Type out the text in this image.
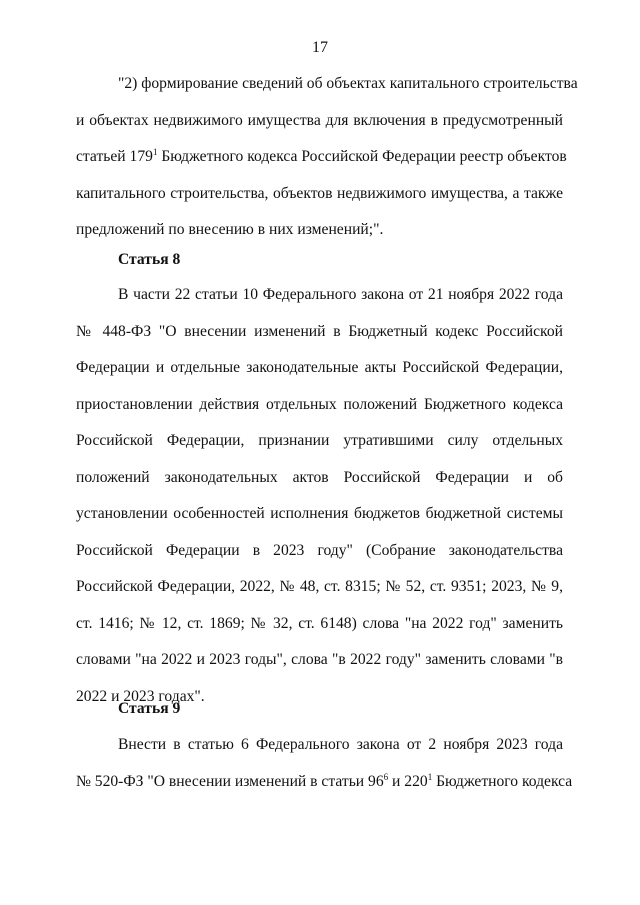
17
"2) формирование сведений об объектах капитального строительства
и объектах недвижимого имущества для включения в предусмотренный
статьей $179^1$ Бюджетного кодекса Российской Федерации реестр объектов
капитального строительства, объектов недвижимого имущества, а также
предложений по внесению в них изменений;".
Статья 8
В части 22 статьи 10 Федерального закона от 21 ноября 2022 года
№ 448-ФЗ "О внесении изменений в Бюджетный кодекс Российской
Федерации и отдельные законодательные акты Российской Федерации,
приостановлении действия отдельных положений Бюджетного кодекса
Российской Федерации, признании утратившими силу отдельных
положений законодательных актов Российской Федерации и об
установлении особенностей исполнения бюджетов бюджетной системы
Российской Федерации в 2023 году" (Собрание законодательства
Российской Федерации, 2022, № 48, ст. 8315; № 52, ст. 9351; 2023, № 9,
ст. 1416; № 12, ст. 1869; № 32, ст. 6148) слова "на 2022 год" заменить
словами "на 2022 и 2023 годы", слова "в 2022 году" заменить словами "в
2022 и 2023 годах".
Статья 9
Внести в статью 6 Федерального закона от 2 ноября 2023 года
№ 520-ФЗ "О внесении изменений в статьи $96^6$ и $220^1$ Бюджетного кодекса
